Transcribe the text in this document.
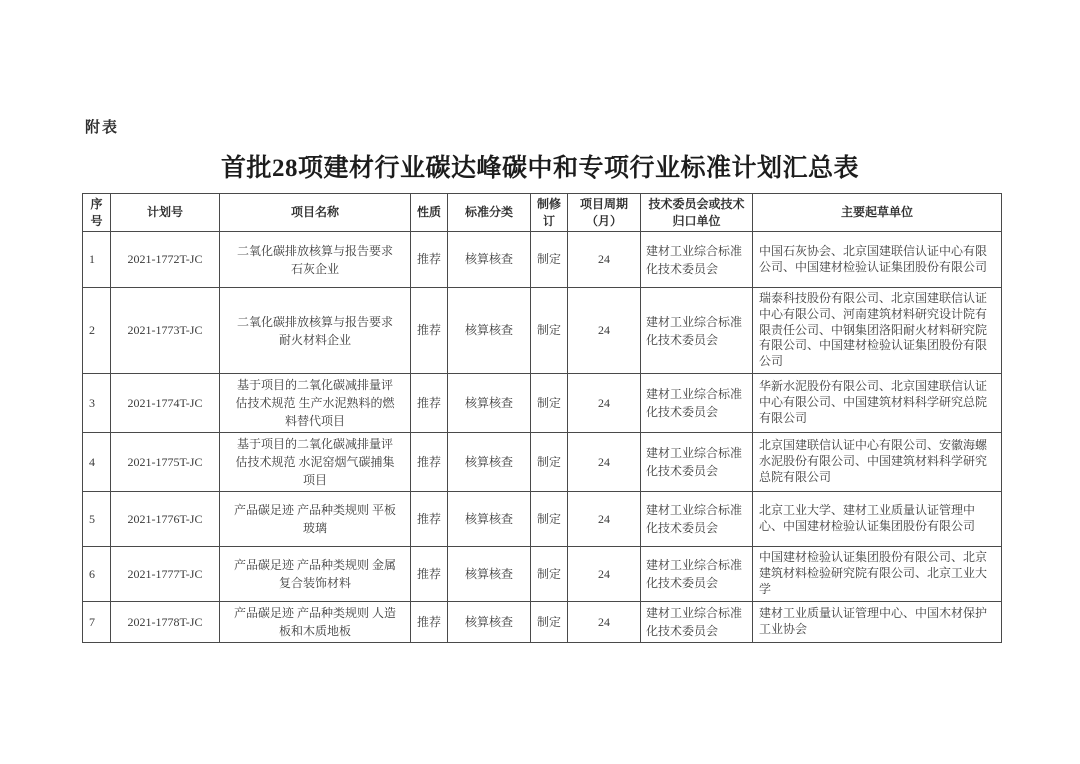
附表
首批28项建材行业碳达峰碳中和专项行业标准计划汇总表
序号	计划号	项目名称	性质	标准分类	制修订	项目周期（月）	技术委员会或技术归口单位	主要起草单位
1	2021-1772T-JC	二氧化碳排放核算与报告要求 石灰企业	推荐	核算核查	制定	24	建材工业综合标准化技术委员会	中国石灰协会、北京国建联信认证中心有限公司、中国建材检验认证集团股份有限公司
2	2021-1773T-JC	二氧化碳排放核算与报告要求 耐火材料企业	推荐	核算核查	制定	24	建材工业综合标准化技术委员会	瑞泰科技股份有限公司、北京国建联信认证中心有限公司、河南建筑材料研究设计院有限责任公司、中钢集团洛阳耐火材料研究院有限公司、中国建材检验认证集团股份有限公司
3	2021-1774T-JC	基于项目的二氧化碳减排量评估技术规范 生产水泥熟料的燃料替代项目	推荐	核算核查	制定	24	建材工业综合标准化技术委员会	华新水泥股份有限公司、北京国建联信认证中心有限公司、中国建筑材料科学研究总院有限公司
4	2021-1775T-JC	基于项目的二氧化碳减排量评估技术规范 水泥窑烟气碳捕集项目	推荐	核算核查	制定	24	建材工业综合标准化技术委员会	北京国建联信认证中心有限公司、安徽海螺水泥股份有限公司、中国建筑材料科学研究总院有限公司
5	2021-1776T-JC	产品碳足迹 产品种类规则 平板玻璃	推荐	核算核查	制定	24	建材工业综合标准化技术委员会	北京工业大学、建材工业质量认证管理中心、中国建材检验认证集团股份有限公司
6	2021-1777T-JC	产品碳足迹 产品种类规则 金属复合装饰材料	推荐	核算核查	制定	24	建材工业综合标准化技术委员会	中国建材检验认证集团股份有限公司、北京建筑材料检验研究院有限公司、北京工业大学
7	2021-1778T-JC	产品碳足迹 产品种类规则 人造板和木质地板	推荐	核算核查	制定	24	建材工业综合标准化技术委员会	建材工业质量认证管理中心、中国木材保护工业协会
